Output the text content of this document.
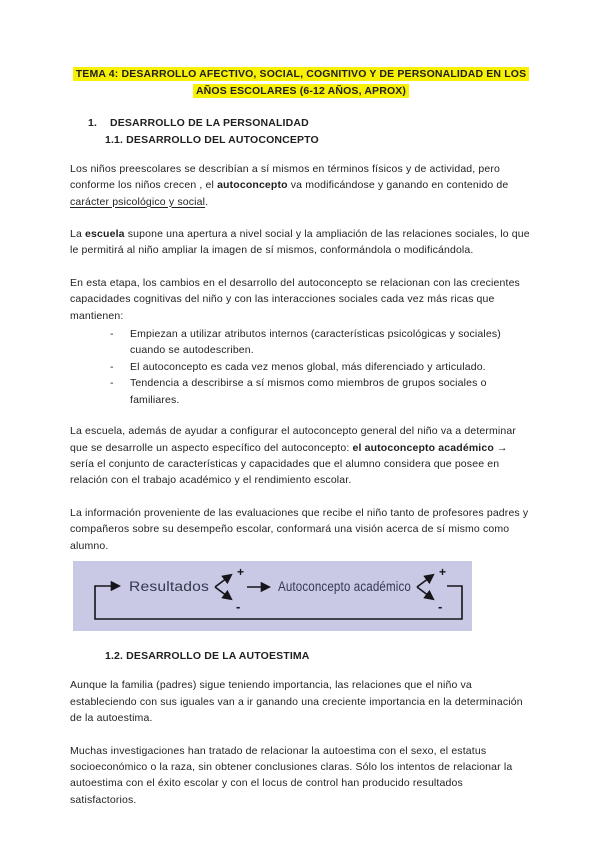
TEMA 4: DESARROLLO AFECTIVO, SOCIAL, COGNITIVO Y DE PERSONALIDAD EN LOS
AÑOS ESCOLARES (6-12 AÑOS, APROX)
1. DESARROLLO DE LA PERSONALIDAD
1.1. DESARROLLO DEL AUTOCONCEPTO

Los niños preescolares se describían a sí mismos en términos físicos y de actividad, pero conforme los niños crecen , el autoconcepto va modificándose y ganando en contenido de carácter psicológico y social.

La escuela supone una apertura a nivel social y la ampliación de las relaciones sociales, lo que le permitirá al niño ampliar la imagen de sí mismos, conformándola o modificándola.

En esta etapa, los cambios en el desarrollo del autoconcepto se relacionan con las crecientes capacidades cognitivas del niño y con las interacciones sociales cada vez más ricas que mantienen:

-	Empiezan a utilizar atributos internos (características psicológicas y sociales) cuando se autodescriben.
-	El autoconcepto es cada vez menos global, más diferenciado y articulado.
-	Tendencia a describirse a sí mismos como miembros de grupos sociales o familiares.

La escuela, además de ayudar a configurar el autoconcepto general del niño va a determinar que se desarrolle un aspecto específico del autoconcepto: el autoconcepto académico → sería el conjunto de características y capacidades que el alumno considera que posee en relación con el trabajo académico y el rendimiento escolar.

La información proveniente de las evaluaciones que recibe el niño tanto de profesores padres y compañeros sobre su desempeño escolar, conformará una visión acerca de sí mismo como alumno.

Resultados
+
-
Autoconcepto académico
+
-
1.2. DESARROLLO DE LA AUTOESTIMA

Aunque la familia (padres) sigue teniendo importancia, las relaciones que el niño va estableciendo con sus iguales van a ir ganando una creciente importancia en la determinación de la autoestima.

Muchas investigaciones han tratado de relacionar la autoestima con el sexo, el estatus socioeconómico o la raza, sin obtener conclusiones claras. Sólo los intentos de relacionar la autoestima con el éxito escolar y con el locus de control han producido resultados satisfactorios.
